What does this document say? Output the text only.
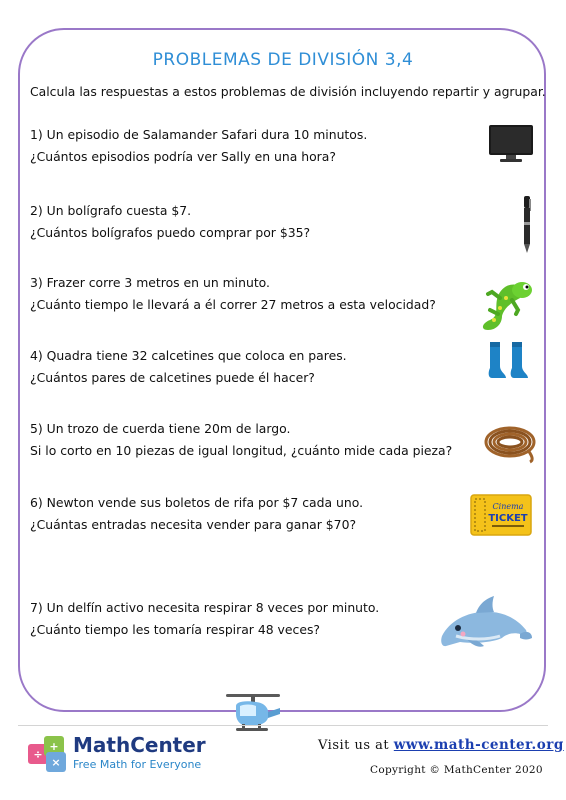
PROBLEMAS DE DIVISIÓN 3,4
Calcula las respuestas a estos problemas de división incluyendo repartir y agrupar.
1) Un episodio de Salamander Safari dura 10 minutos.
¿Cuántos episodios podría ver Sally en una hora?
2) Un bolígrafo cuesta $7.
¿Cuántos bolígrafos puedo comprar por $35?
3) Frazer corre 3 metros en un minuto.
¿Cuánto tiempo le llevará a él correr 27 metros a esta velocidad?
4) Quadra tiene 32 calcetines que coloca en pares.
¿Cuántos pares de calcetines puede él hacer?
5) Un trozo de cuerda tiene 20m de largo.
Si lo corto en 10 piezas de igual longitud, ¿cuánto mide cada pieza?
6) Newton vende sus boletos de rifa por $7 cada uno.
¿Cuántas entradas necesita vender para ganar $70?
Cinema
TICKET
7) Un delfín activo necesita respirar 8 veces por minuto.
¿Cuánto tiempo les tomaría respirar 48 veces?
÷
+
×
MathCenter
Free Math for Everyone
Visit us at www.math-center.org
Copyright © MathCenter 2020
